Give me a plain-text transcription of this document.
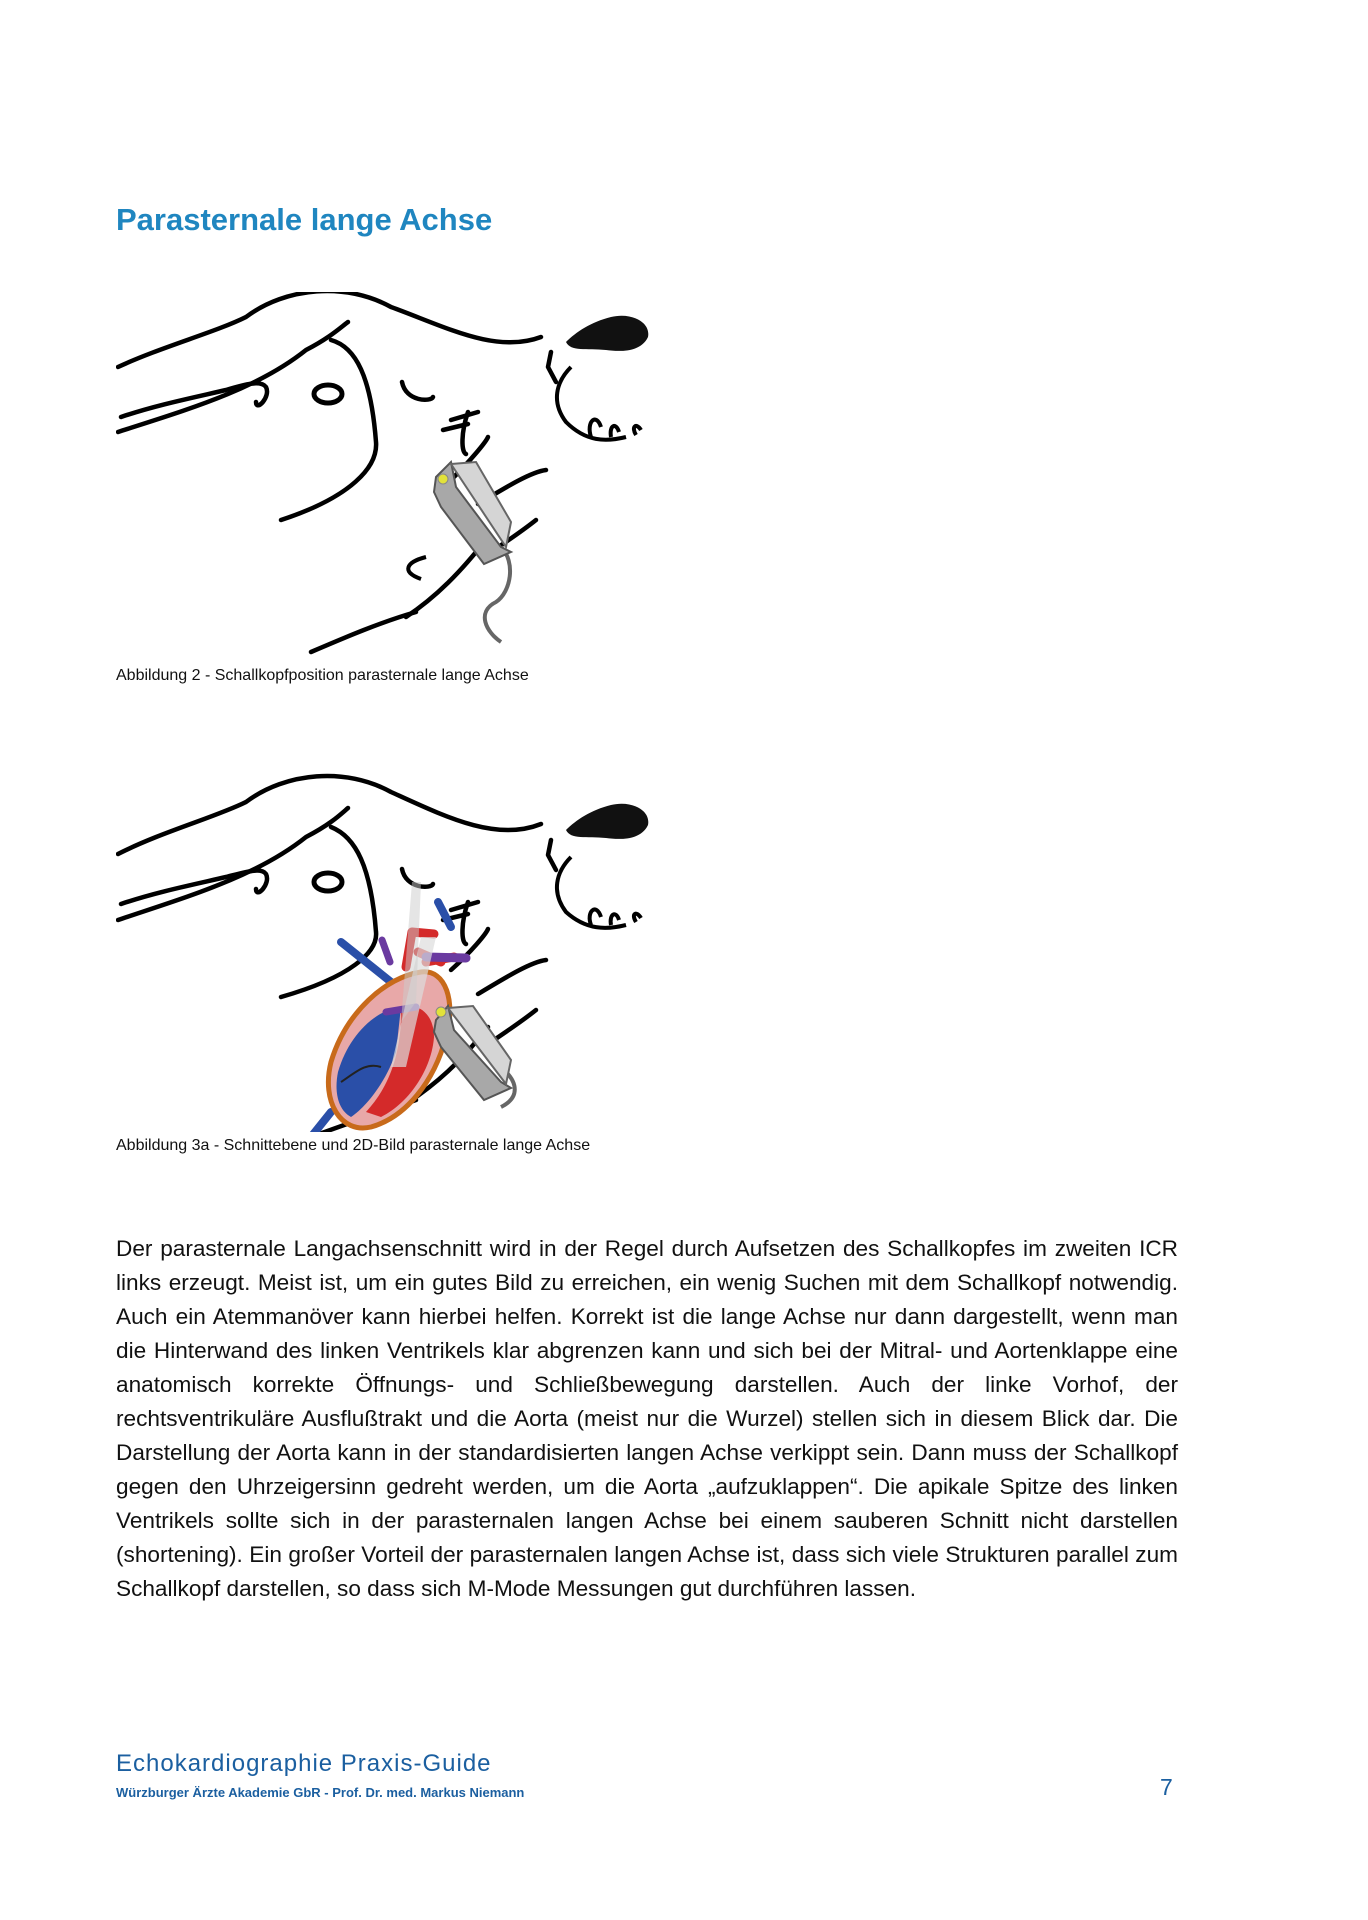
Parasternale lange Achse

Abbildung 2 - Schallkopfposition parasternale lange Achse

Abbildung 3a - Schnittebene und 2D-Bild parasternale lange Achse

Der parasternale Langachsenschnitt wird in der Regel durch Aufsetzen des Schallkopfes im zweiten ICR links erzeugt. Meist ist, um ein gutes Bild zu erreichen, ein wenig Suchen mit dem Schallkopf notwendig. Auch ein Atemmanöver kann hierbei helfen. Korrekt ist die lange Achse nur dann dargestellt, wenn man die Hinterwand des linken Ventrikels klar abgrenzen kann und sich bei der Mitral- und Aortenklappe eine anatomisch korrekte Öffnungs- und Schließbewegung darstellen. Auch der linke Vorhof, der rechtsventrikuläre Ausflußtrakt und die Aorta (meist nur die Wurzel) stellen sich in diesem Blick dar. Die Darstellung der Aorta kann in der standardisierten langen Achse verkippt sein. Dann muss der Schallkopf gegen den Uhrzeigersinn gedreht werden, um die Aorta „aufzuklappen“. Die apikale Spitze des linken Ventrikels sollte sich in der parasternalen langen Achse bei einem sauberen Schnitt nicht darstellen (shortening). Ein großer Vorteil der parasternalen langen Achse ist, dass sich viele Strukturen parallel zum Schallkopf darstellen, so dass sich M-Mode Messungen gut durchführen lassen.

Echokardiographie Praxis-Guide
Würzburger Ärzte Akademie GbR - Prof. Dr. med. Markus Niemann	7
